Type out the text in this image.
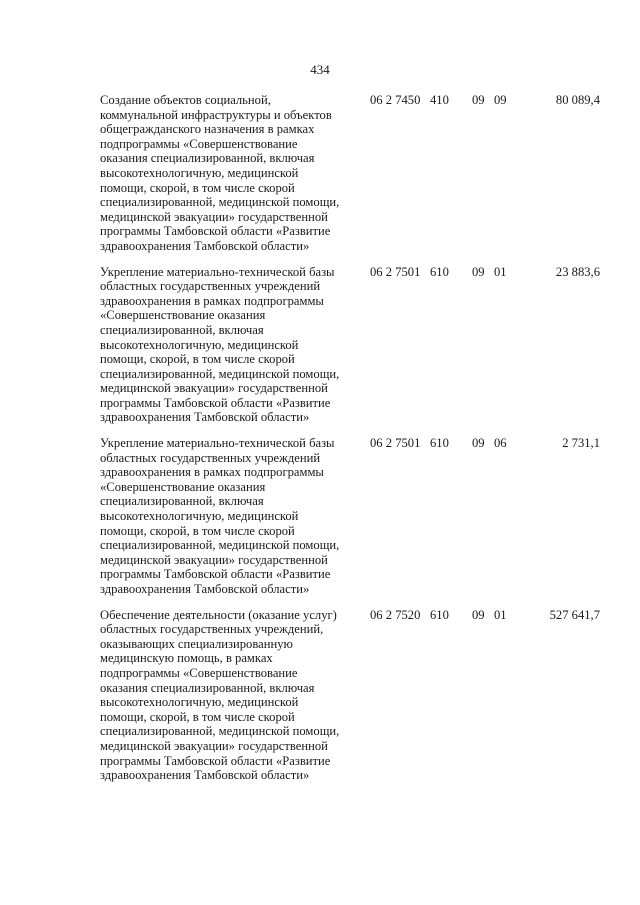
434
Создание объектов социальной,
коммунальной инфраструктуры и объектов
общегражданского назначения в рамках
подпрограммы «Совершенствование
оказания специализированной, включая
высокотехнологичную, медицинской
помощи, скорой, в том числе скорой
специализированной, медицинской помощи,
медицинской эвакуации» государственной
программы Тамбовской области «Развитие
здравоохранения Тамбовской области»
06 2 7450 410 09 09	80 089,4
Укрепление материально-технической базы
областных государственных учреждений
здравоохранения в рамках подпрограммы
«Совершенствование оказания
специализированной, включая
высокотехнологичную, медицинской
помощи, скорой, в том числе скорой
специализированной, медицинской помощи,
медицинской эвакуации» государственной
программы Тамбовской области «Развитие
здравоохранения Тамбовской области»
06 2 7501 610 09 01	23 883,6
Укрепление материально-технической базы
областных государственных учреждений
здравоохранения в рамках подпрограммы
«Совершенствование оказания
специализированной, включая
высокотехнологичную, медицинской
помощи, скорой, в том числе скорой
специализированной, медицинской помощи,
медицинской эвакуации» государственной
программы Тамбовской области «Развитие
здравоохранения Тамбовской области»
06 2 7501 610 09 06	2 731,1
Обеспечение деятельности (оказание услуг)
областных государственных учреждений,
оказывающих специализированную
медицинскую помощь, в рамках
подпрограммы «Совершенствование
оказания специализированной, включая
высокотехнологичную, медицинской
помощи, скорой, в том числе скорой
специализированной, медицинской помощи,
медицинской эвакуации» государственной
программы Тамбовской области «Развитие
здравоохранения Тамбовской области»
06 2 7520 610 09 01	527 641,7
